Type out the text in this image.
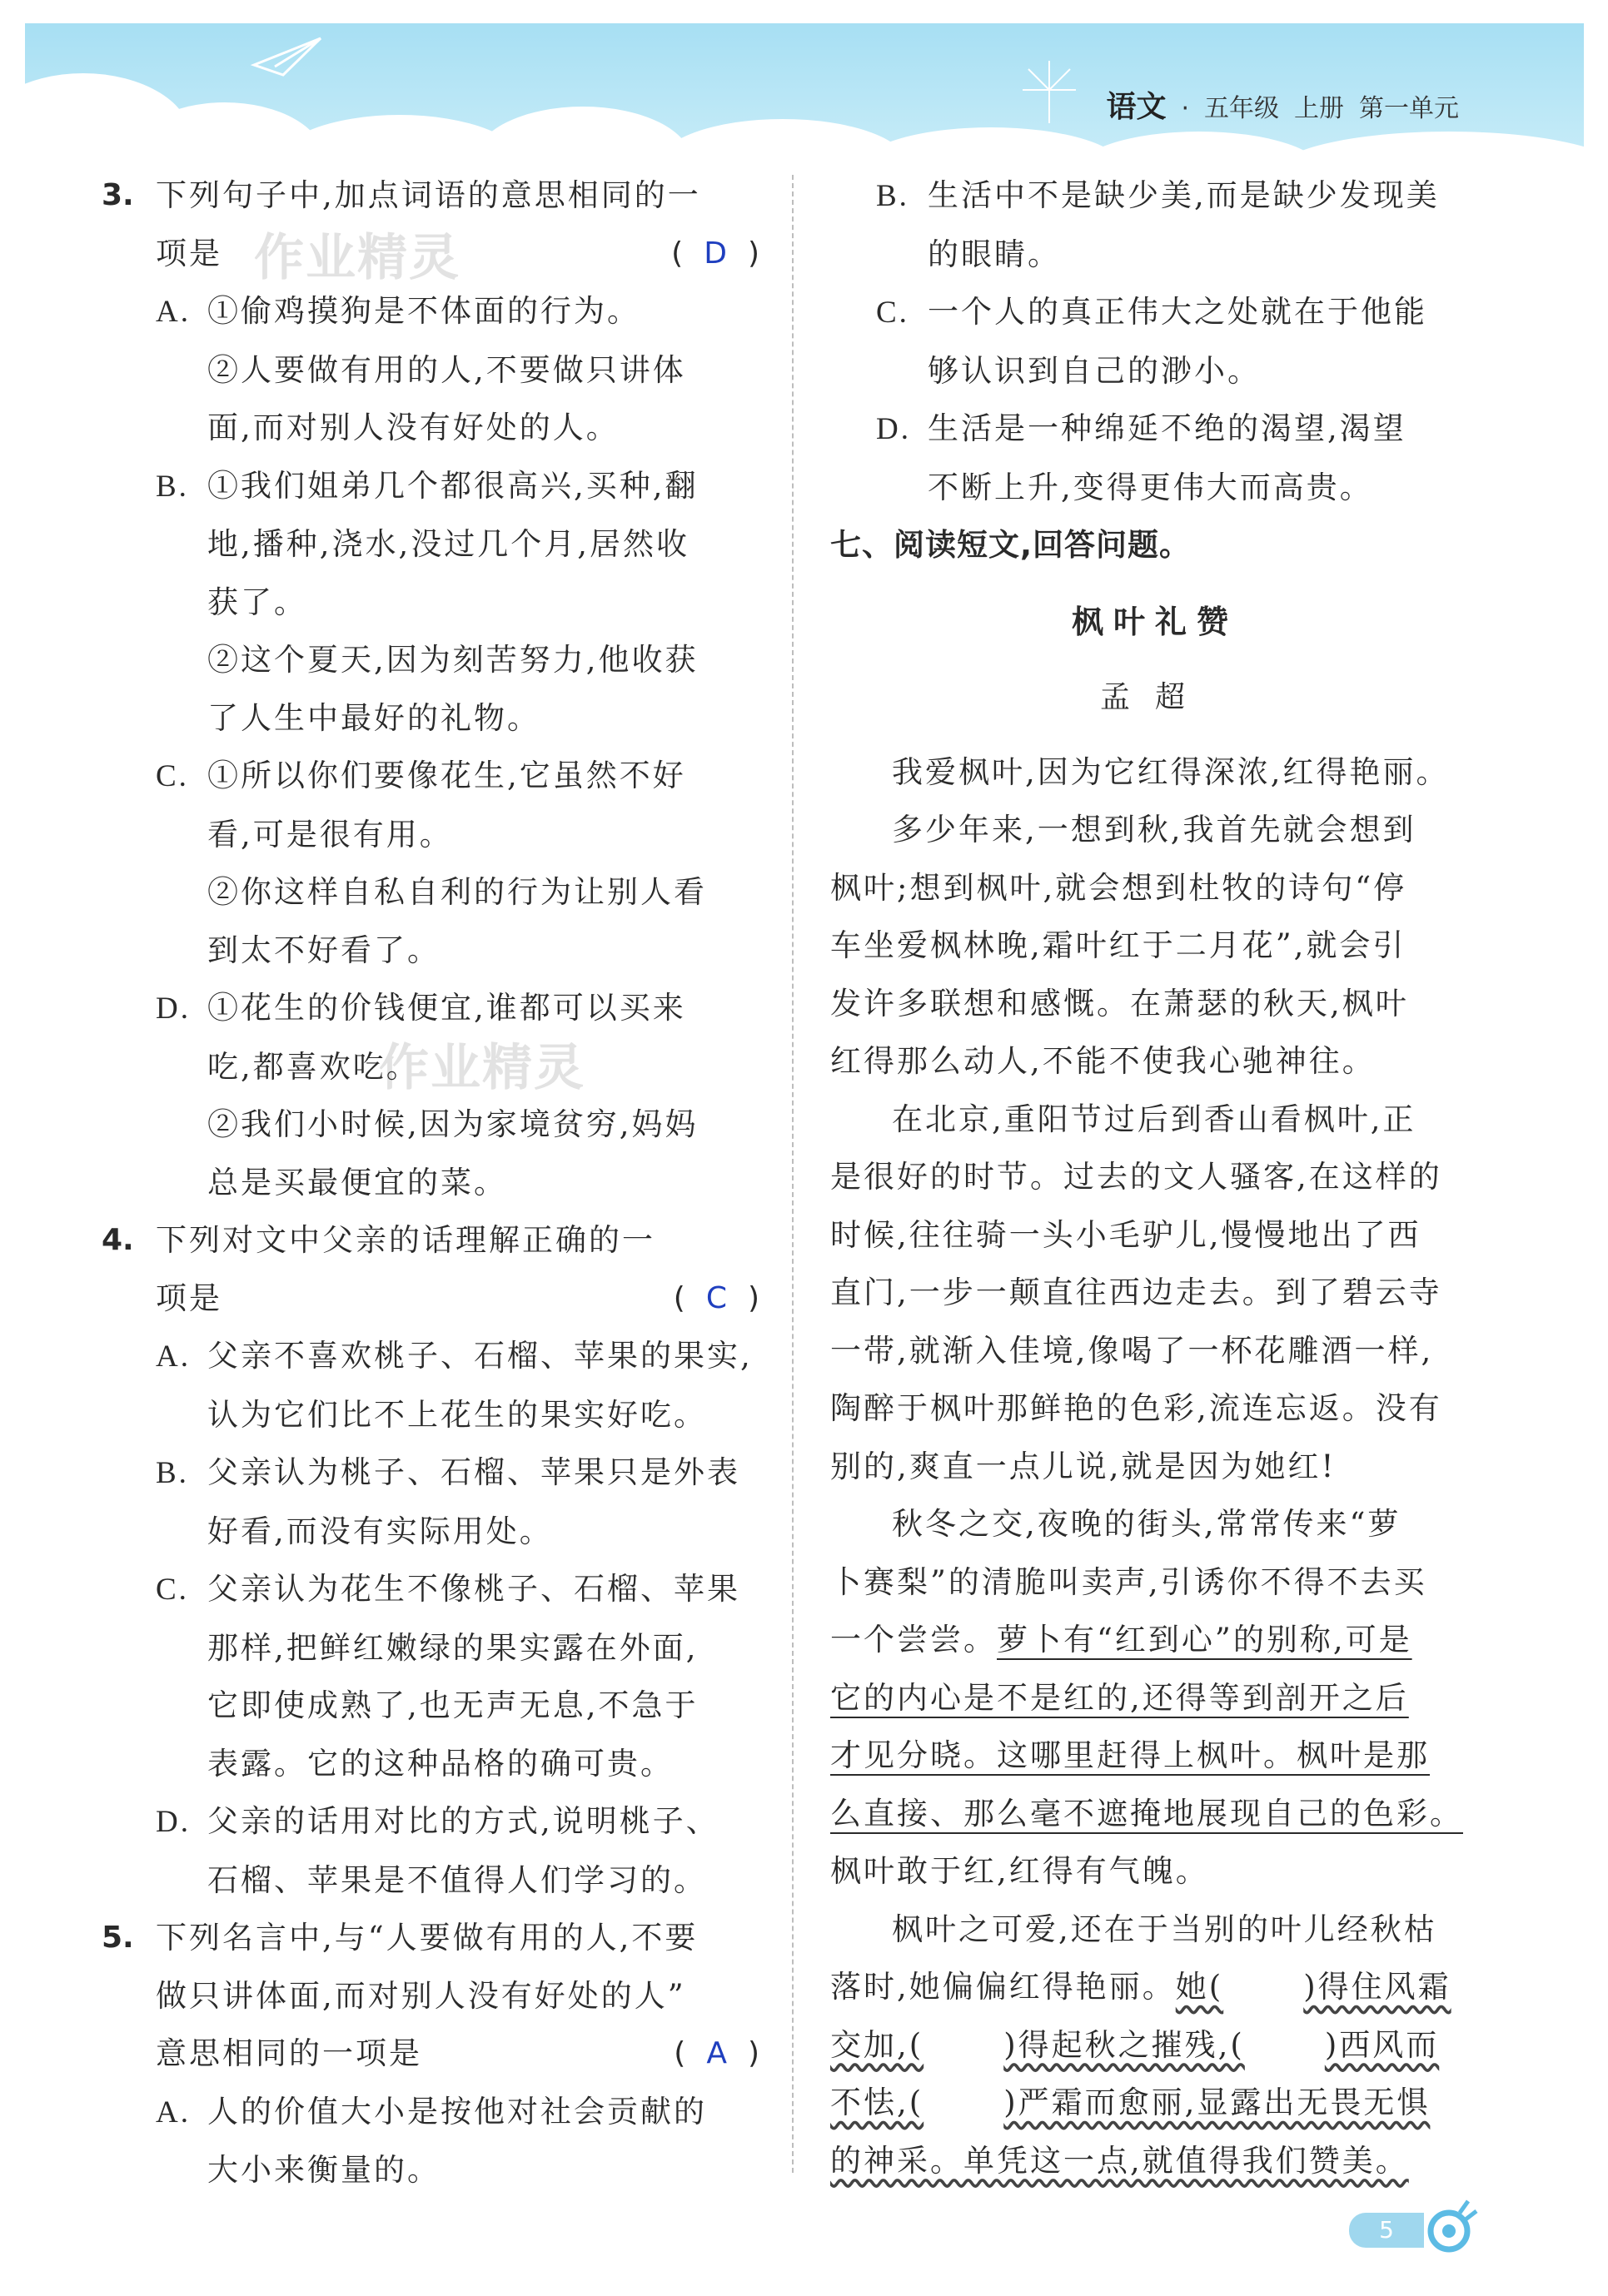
语文 · 五年级 上册 第一单元
作业精灵
作业精灵
3. 下列句子中,加点词语的意思相同的一
项是	( D )
A. ①偷鸡摸狗是不体面的行为。
②人要做有用的人,不要做只讲体
面,而对别人没有好处的人。
B. ①我们姐弟几个都很高兴,买种,翻
地,播种,浇水,没过几个月,居然收
获了。
②这个夏天,因为刻苦努力,他收获
了人生中最好的礼物。
C. ①所以你们要像花生,它虽然不好
看,可是很有用。
②你这样自私自利的行为让别人看
到太不好看了。
D. ①花生的价钱便宜,谁都可以买来
吃,都喜欢吃。
②我们小时候,因为家境贫穷,妈妈
总是买最便宜的菜。
4. 下列对文中父亲的话理解正确的一
项是	( C )
A. 父亲不喜欢桃子、石榴、苹果的果实,
认为它们比不上花生的果实好吃。
B. 父亲认为桃子、石榴、苹果只是外表
好看,而没有实际用处。
C. 父亲认为花生不像桃子、石榴、苹果
那样,把鲜红嫩绿的果实露在外面,
它即使成熟了,也无声无息,不急于
表露。它的这种品格的确可贵。
D. 父亲的话用对比的方式,说明桃子、
石榴、苹果是不值得人们学习的。
5. 下列名言中,与“人要做有用的人,不要
做只讲体面,而对别人没有好处的人”
意思相同的一项是	( A )
A. 人的价值大小是按他对社会贡献的
大小来衡量的。
B. 生活中不是缺少美,而是缺少发现美
的眼睛。
C. 一个人的真正伟大之处就在于他能
够认识到自己的渺小。
D. 生活是一种绵延不绝的渴望,渴望
不断上升,变得更伟大而高贵。
七、阅读短文,回答问题。
枫叶礼赞
孟超
我爱枫叶,因为它红得深浓,红得艳丽。
多少年来,一想到秋,我首先就会想到
枫叶;想到枫叶,就会想到杜牧的诗句“停
车坐爱枫林晚,霜叶红于二月花”,就会引
发许多联想和感慨。在萧瑟的秋天,枫叶
红得那么动人,不能不使我心驰神往。
在北京,重阳节过后到香山看枫叶,正
是很好的时节。过去的文人骚客,在这样的
时候,往往骑一头小毛驴儿,慢慢地出了西
直门,一步一颠直往西边走去。到了碧云寺
一带,就渐入佳境,像喝了一杯花雕酒一样,
陶醉于枫叶那鲜艳的色彩,流连忘返。没有
别的,爽直一点儿说,就是因为她红!
秋冬之交,夜晚的街头,常常传来“萝
卜赛梨”的清脆叫卖声,引诱你不得不去买
一个尝尝。萝卜有“红到心”的别称,可是
它的内心是不是红的,还得等到剖开之后
才见分晓。这哪里赶得上枫叶。枫叶是那
么直接、那么毫不遮掩地展现自己的色彩。
枫叶敢于红,红得有气魄。
枫叶之可爱,还在于当别的叶儿经秋枯
落时,她偏偏红得艳丽。她(	)得住风霜
交加,(	)得起秋之摧残,(	)西风而
不怯,(	)严霜而愈丽,显露出无畏无惧
的神采。单凭这一点,就值得我们赞美。
5
